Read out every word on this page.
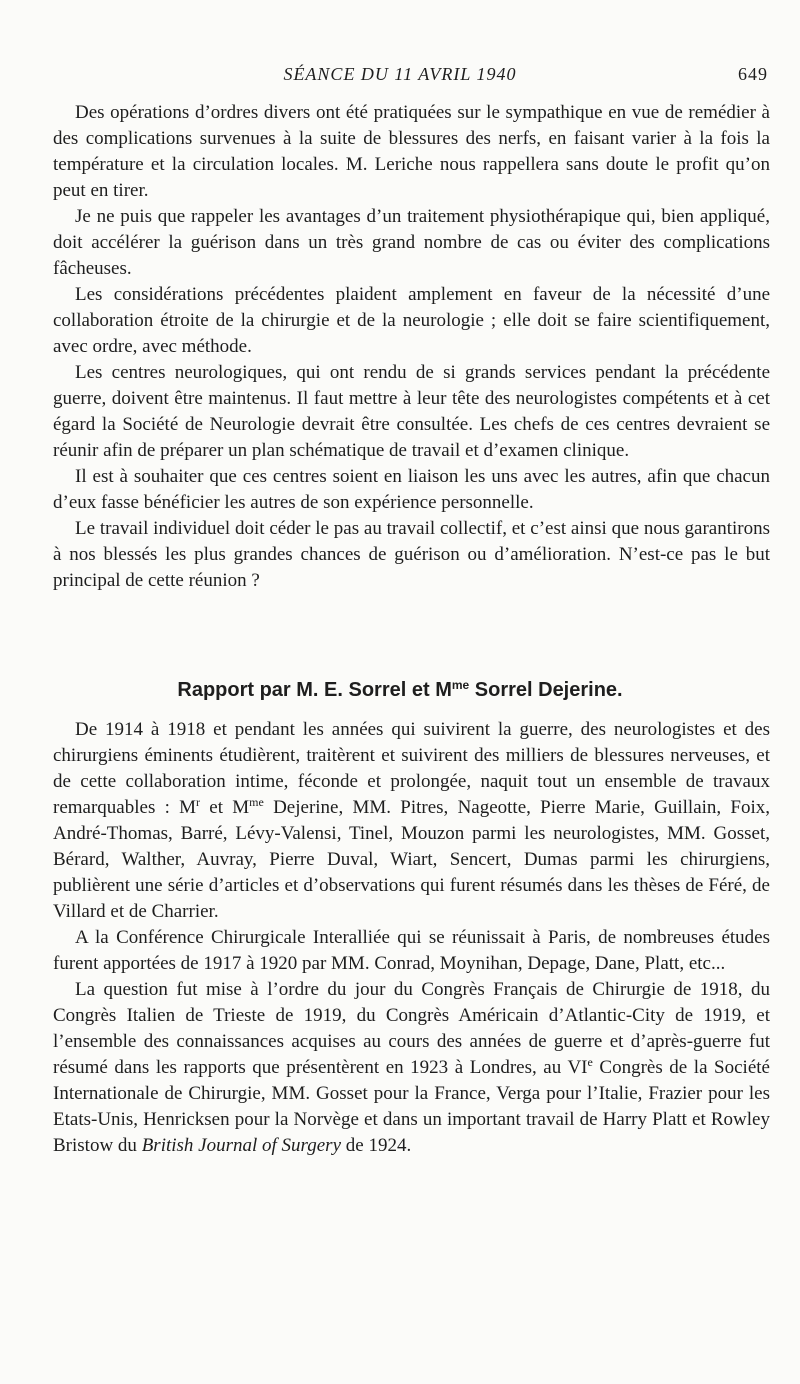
SÉANCE DU 11 AVRIL 1940	649

Des opérations d’ordres divers ont été pratiquées sur le sympathique en vue de remédier à des complications survenues à la suite de blessures des nerfs, en faisant varier à la fois la température et la circulation locales. M. Leriche nous rappellera sans doute le profit qu’on peut en tirer.

Je ne puis que rappeler les avantages d’un traitement physiothérapique qui, bien appliqué, doit accélérer la guérison dans un très grand nombre de cas ou éviter des complications fâcheuses.

Les considérations précédentes plaident amplement en faveur de la nécessité d’une collaboration étroite de la chirurgie et de la neurologie ; elle doit se faire scientifiquement, avec ordre, avec méthode.

Les centres neurologiques, qui ont rendu de si grands services pendant la précédente guerre, doivent être maintenus. Il faut mettre à leur tête des neurologistes compétents et à cet égard la Société de Neurologie devrait être consultée. Les chefs de ces centres devraient se réunir afin de préparer un plan schématique de travail et d’examen clinique.

Il est à souhaiter que ces centres soient en liaison les uns avec les autres, afin que chacun d’eux fasse bénéficier les autres de son expérience personnelle.

Le travail individuel doit céder le pas au travail collectif, et c’est ainsi que nous garantirons à nos blessés les plus grandes chances de guérison ou d’amélioration. N’est-ce pas le but principal de cette réunion ?

Rapport par M. E. Sorrel et $M^{me}$ Sorrel Dejerine.

De 1914 à 1918 et pendant les années qui suivirent la guerre, des neurologistes et des chirurgiens éminents étudièrent, traitèrent et suivirent des milliers de blessures nerveuses, et de cette collaboration intime, féconde et prolongée, naquit tout un ensemble de travaux remarquables : $M^r$ et $M^{me}$ Dejerine, MM. Pitres, Nageotte, Pierre Marie, Guillain, Foix, André-Thomas, Barré, Lévy-Valensi, Tinel, Mouzon parmi les neurologistes, MM. Gosset, Bérard, Walther, Auvray, Pierre Duval, Wiart, Sencert, Dumas parmi les chirurgiens, publièrent une série d’articles et d’observations qui furent résumés dans les thèses de Féré, de Villard et de Charrier.

A la Conférence Chirurgicale Interalliée qui se réunissait à Paris, de nombreuses études furent apportées de 1917 à 1920 par MM. Conrad, Moynihan, Depage, Dane, Platt, etc...

La question fut mise à l’ordre du jour du Congrès Français de Chirurgie de 1918, du Congrès Italien de Trieste de 1919, du Congrès Américain d’Atlantic-City de 1919, et l’ensemble des connaissances acquises au cours des années de guerre et d’après-guerre fut résumé dans les rapports que présentèrent en 1923 à Londres, au VIe Congrès de la Société Internationale de Chirurgie, MM. Gosset pour la France, Verga pour l’Italie, Frazier pour les Etats-Unis, Henricksen pour la Norvège et dans un important travail de Harry Platt et Rowley Bristow du British Journal of Surgery de 1924.
